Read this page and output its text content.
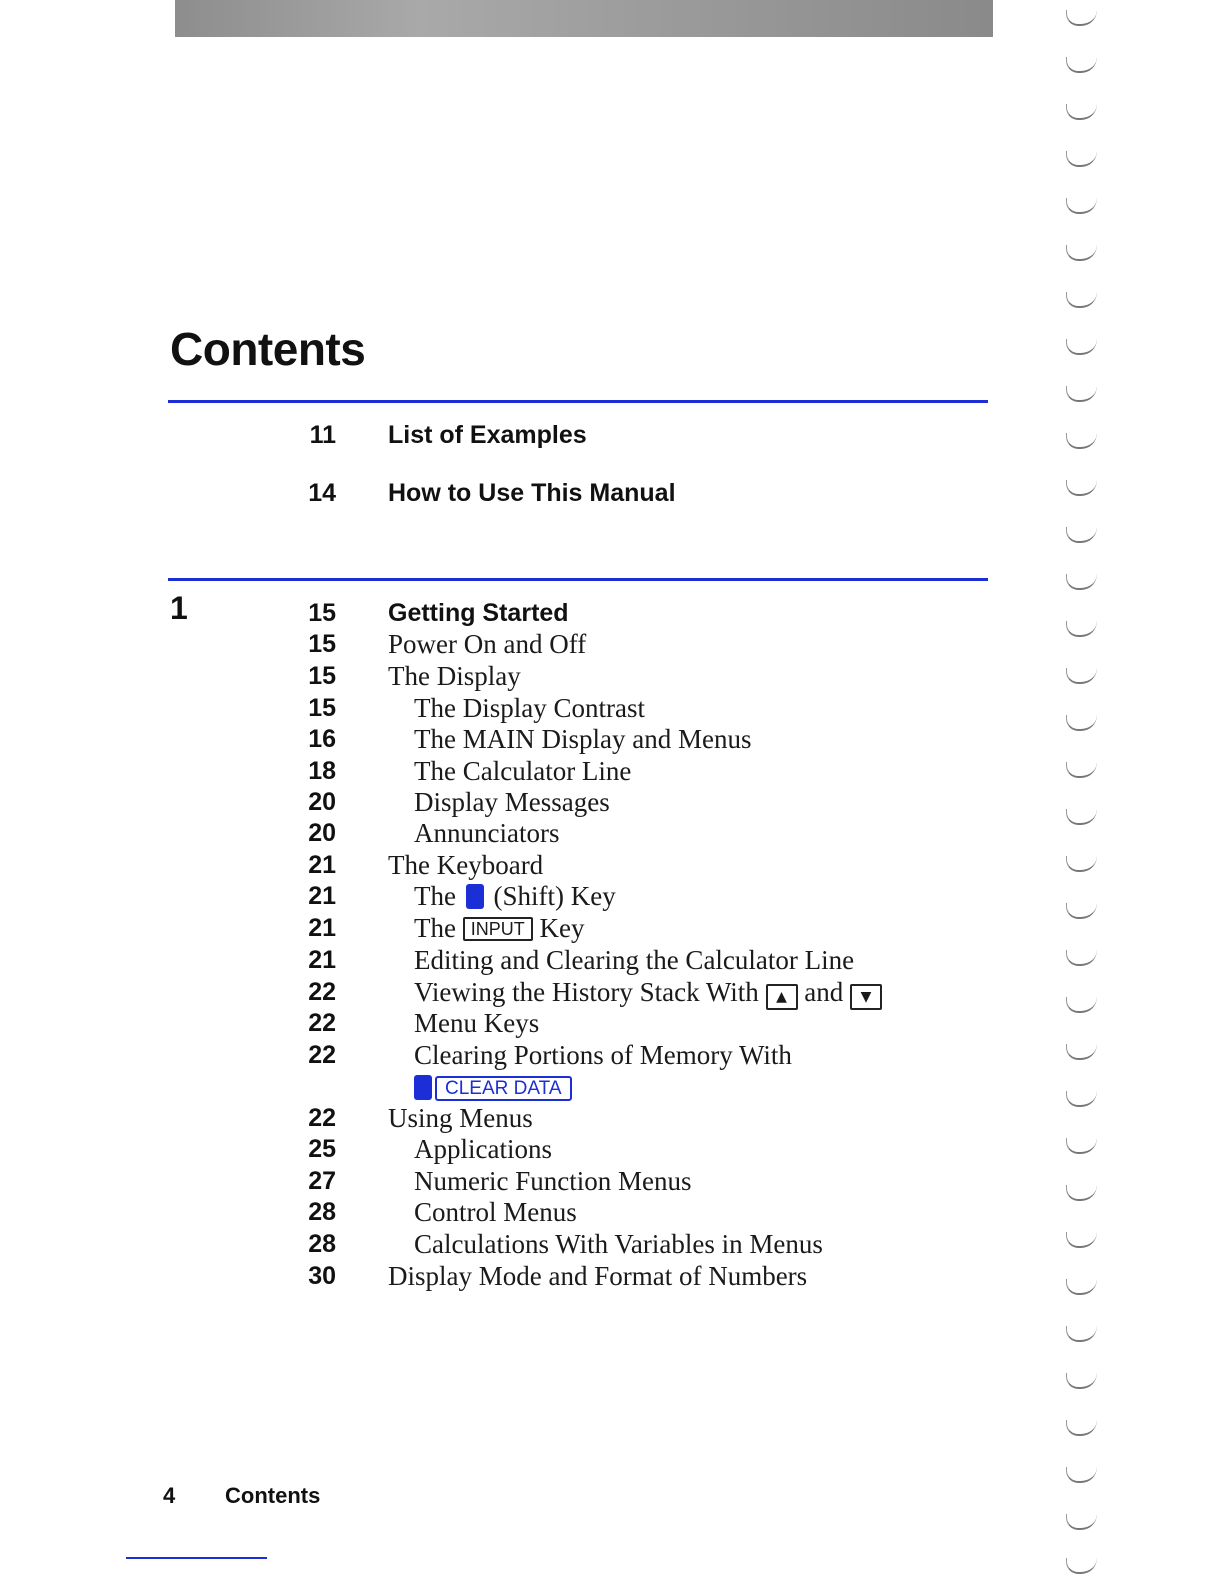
Contents
11 List of Examples
14 How to Use This Manual
1	15 Getting Started
15 Power On and Off
15 The Display
15	The Display Contrast
16	The MAIN Display and Menus
18	The Calculator Line
20	Display Messages
20	Annunciators
21 The Keyboard
21	The (Shift) Key
21	The INPUT Key
21	Editing and Clearing the Calculator Line
22	Viewing the History Stack With ▲ and ▼
22	Menu Keys
22	Clearing Portions of Memory With
CLEAR DATA
22 Using Menus
25	Applications
27	Numeric Function Menus
28	Control Menus
28	Calculations With Variables in Menus
30 Display Mode and Format of Numbers
4 Contents
